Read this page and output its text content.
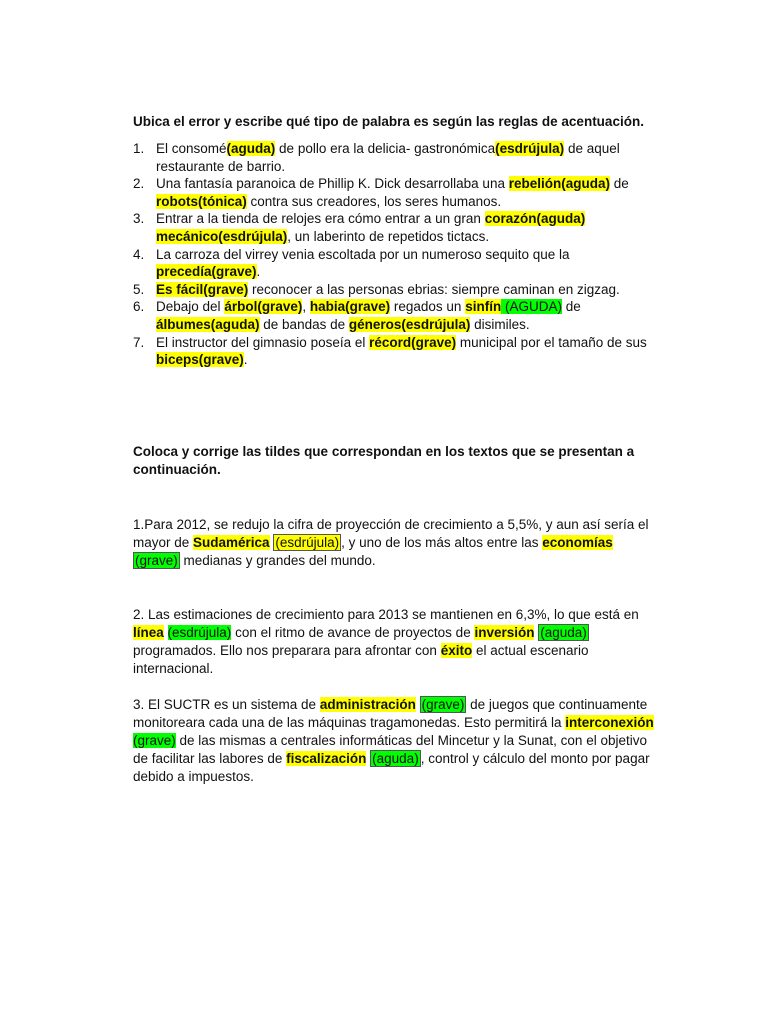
Ubica el error y escribe qué tipo de palabra es según las reglas de acentuación.
1. El consomé(aguda) de pollo era la delicia- gastronómica(esdrújula) de aquel restaurante de barrio.
2. Una fantasía paranoica de Phillip K. Dick desarrollaba una rebelión(aguda) de robots(tónica) contra sus creadores, los seres humanos.
3. Entrar a la tienda de relojes era cómo entrar a un gran corazón(aguda) mecánico(esdrújula), un laberinto de repetidos tictacs.
4. La carroza del virrey venia escoltada por un numeroso sequito que la precedía(grave).
5. Es fácil(grave) reconocer a las personas ebrias: siempre caminan en zigzag.
6. Debajo del árbol(grave), habia(grave) regados un sinfín (AGUDA) de álbumes(aguda) de bandas de géneros(esdrújula) disimiles.
7. El instructor del gimnasio poseía el récord(grave) municipal por el tamaño de sus biceps(grave).
Coloca y corrige las tildes que correspondan en los textos que se presentan a continuación.

1.Para 2012, se redujo la cifra de proyección de crecimiento a 5,5%, y aun así sería el mayor de Sudamérica (esdrújula) , y uno de los más altos entre las economías (grave) medianas y grandes del mundo.

2. Las estimaciones de crecimiento para 2013 se mantienen en 6,3%, lo que está en línea (esdrújula) con el ritmo de avance de proyectos de inversión (aguda) programados. Ello nos preparara para afrontar con éxito el actual escenario internacional.

3. El SUCTR es un sistema de administración (grave) de juegos que continuamente monitoreara cada una de las máquinas tragamonedas. Esto permitirá la interconexión (grave) de las mismas a centrales informáticas del Mincetur y la Sunat, con el objetivo de facilitar las labores de fiscalización (aguda) , control y cálculo del monto por pagar debido a impuestos.
